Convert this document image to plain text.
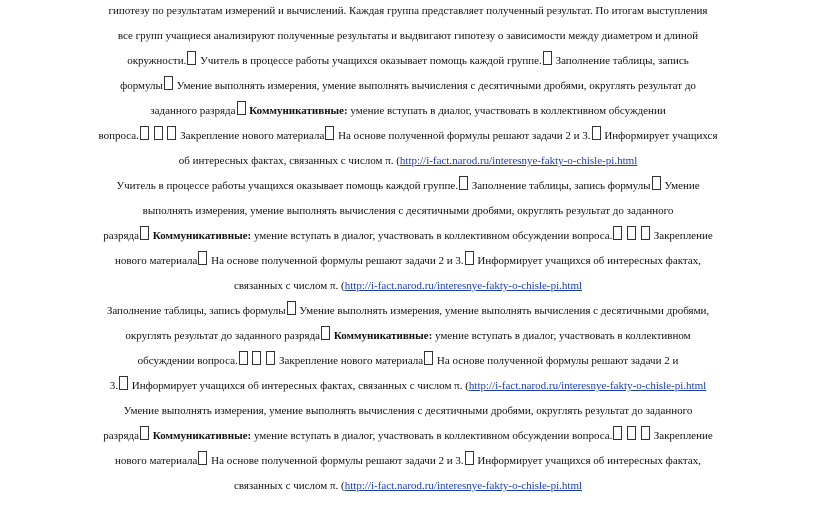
гипотезу по результатам измерений и вычислений. Каждая группа представляет полученный результат. По итогам выступления

все групп учащиеся анализируют полученные результаты и выдвигают гипотезу о зависимости между диаметром и длиной

окружности. Учитель в процессе работы учащихся оказывает помощь каждой группе. Заполнение таблицы, запись

формулы Умение выполнять измерения, умение выполнять вычисления с десятичными дробями, округлять результат до

заданного разряда Коммуникативные: умение вступать в диалог, участвовать в коллективном обсуждении

вопроса.	Закрепление нового материала На основе полученной формулы решают задачи 2 и 3. Информирует учащихся

об интересных фактах, связанных с числом π. (http://i-fact.narod.ru/interesnye-fakty-o-chisle-pi.html

Учитель в процессе работы учащихся оказывает помощь каждой группе. Заполнение таблицы, запись формулы Умение

выполнять измерения, умение выполнять вычисления с десятичными дробями, округлять результат до заданного

разряда Коммуникативные: умение вступать в диалог, участвовать в коллективном обсуждении вопроса.	Закрепление

нового материала На основе полученной формулы решают задачи 2 и 3. Информирует учащихся об интересных фактах,

связанных с числом π. (http://i-fact.narod.ru/interesnye-fakty-o-chisle-pi.html

Заполнение таблицы, запись формулы Умение выполнять измерения, умение выполнять вычисления с десятичными дробями,

округлять результат до заданного разряда Коммуникативные: умение вступать в диалог, участвовать в коллективном

обсуждении вопроса.	Закрепление нового материала На основе полученной формулы решают задачи 2 и

3. Информирует учащихся об интересных фактах, связанных с числом π. (http://i-fact.narod.ru/interesnye-fakty-o-chisle-pi.html

Умение выполнять измерения, умение выполнять вычисления с десятичными дробями, округлять результат до заданного

разряда Коммуникативные: умение вступать в диалог, участвовать в коллективном обсуждении вопроса.	Закрепление

нового материала На основе полученной формулы решают задачи 2 и 3. Информирует учащихся об интересных фактах,

связанных с числом π. (http://i-fact.narod.ru/interesnye-fakty-o-chisle-pi.html
